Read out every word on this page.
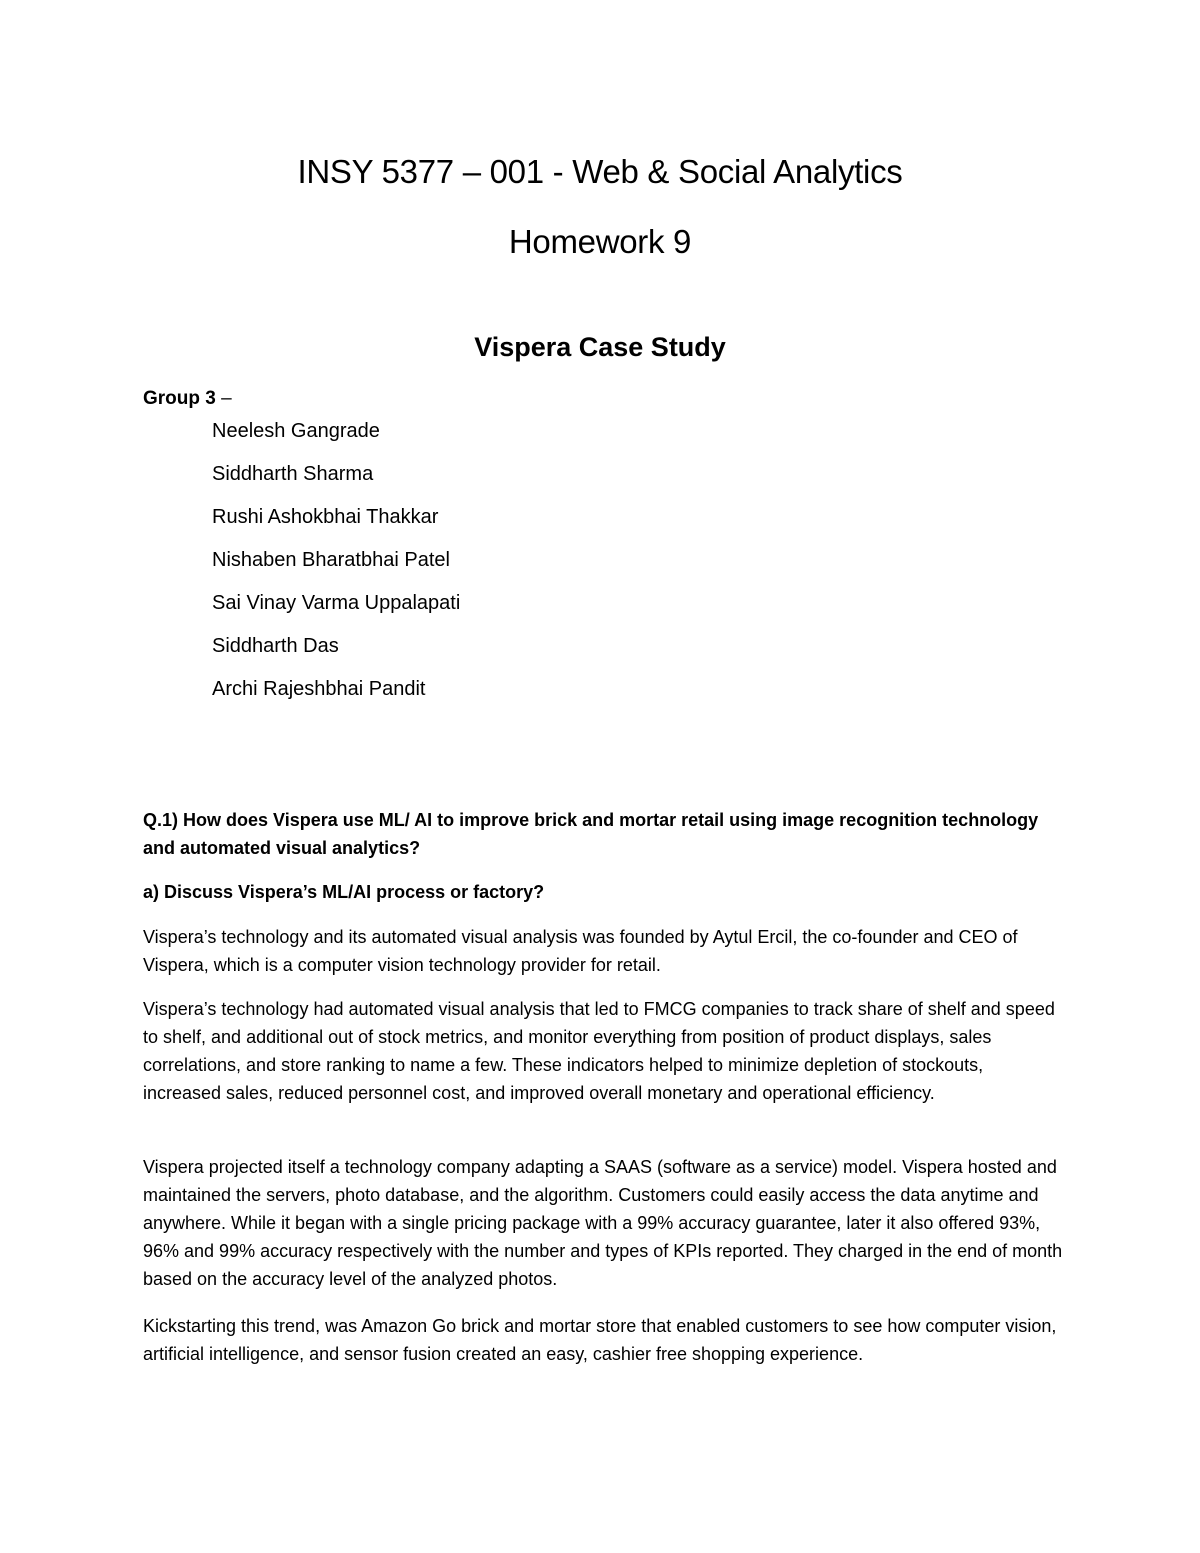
INSY 5377 – 001 - Web & Social Analytics
Homework 9
Vispera Case Study
Group 3 –
Neelesh Gangrade
Siddharth Sharma
Rushi Ashokbhai Thakkar
Nishaben Bharatbhai Patel
Sai Vinay Varma Uppalapati
Siddharth Das
Archi Rajeshbhai Pandit
Q.1) How does Vispera use ML/ AI to improve brick and mortar retail using image recognition technology and automated visual analytics?
a) Discuss Vispera’s ML/AI process or factory?
Vispera’s technology and its automated visual analysis was founded by Aytul Ercil, the co-founder and CEO of Vispera, which is a computer vision technology provider for retail.
Vispera’s technology had automated visual analysis that led to FMCG companies to track share of shelf and speed to shelf, and additional out of stock metrics, and monitor everything from position of product displays, sales correlations, and store ranking to name a few. These indicators helped to minimize depletion of stockouts, increased sales, reduced personnel cost, and improved overall monetary and operational efficiency.
Vispera projected itself a technology company adapting a SAAS (software as a service) model. Vispera hosted and maintained the servers, photo database, and the algorithm. Customers could easily access the data anytime and anywhere. While it began with a single pricing package with a 99% accuracy guarantee, later it also offered 93%, 96% and 99% accuracy respectively with the number and types of KPIs reported. They charged in the end of month based on the accuracy level of the analyzed photos.
Kickstarting this trend, was Amazon Go brick and mortar store that enabled customers to see how computer vision, artificial intelligence, and sensor fusion created an easy, cashier free shopping experience.
